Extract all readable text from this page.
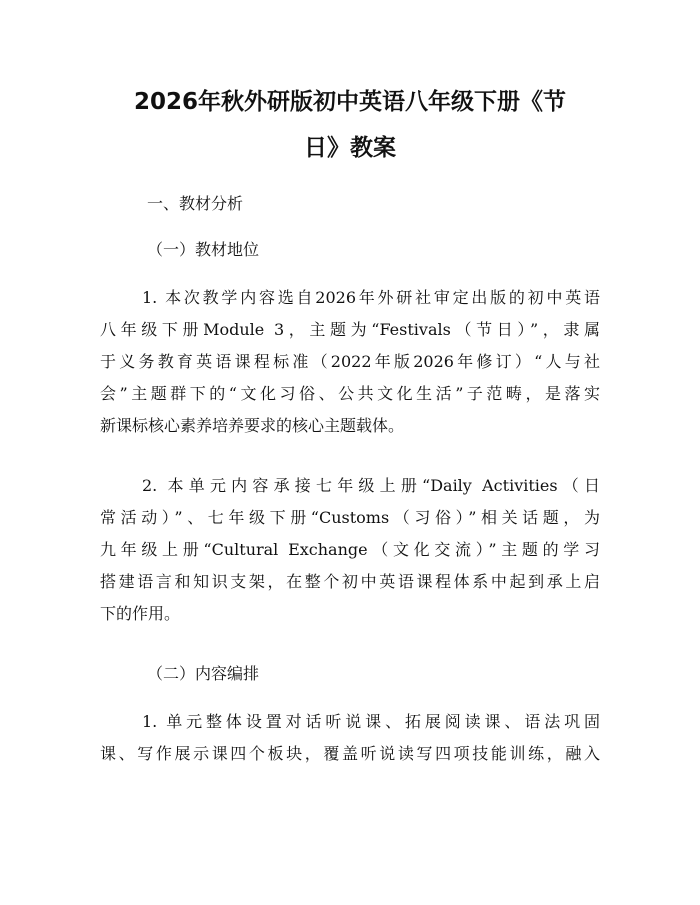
2026年秋外研版初中英语八年级下册《节
日》教案

一、教材分析

（一）教材地位

1. 本次教学内容选自2026年外研社审定出版的初中英语

八年级下册Module 3，主题为“Festivals（节日）”，隶属

于义务教育英语课程标准（2022年版2026年修订）“人与社

会”主题群下的“文化习俗、公共文化生活”子范畴，是落实

新课标核心素养培养要求的核心主题载体。

2. 本单元内容承接七年级上册“Daily Activities（日

常活动）”、七年级下册“Customs（习俗）”相关话题，为

九年级上册“Cultural Exchange（文化交流）”主题的学习

搭建语言和知识支架，在整个初中英语课程体系中起到承上启

下的作用。

（二）内容编排

1. 单元整体设置对话听说课、拓展阅读课、语法巩固

课、写作展示课四个板块，覆盖听说读写四项技能训练，融入
